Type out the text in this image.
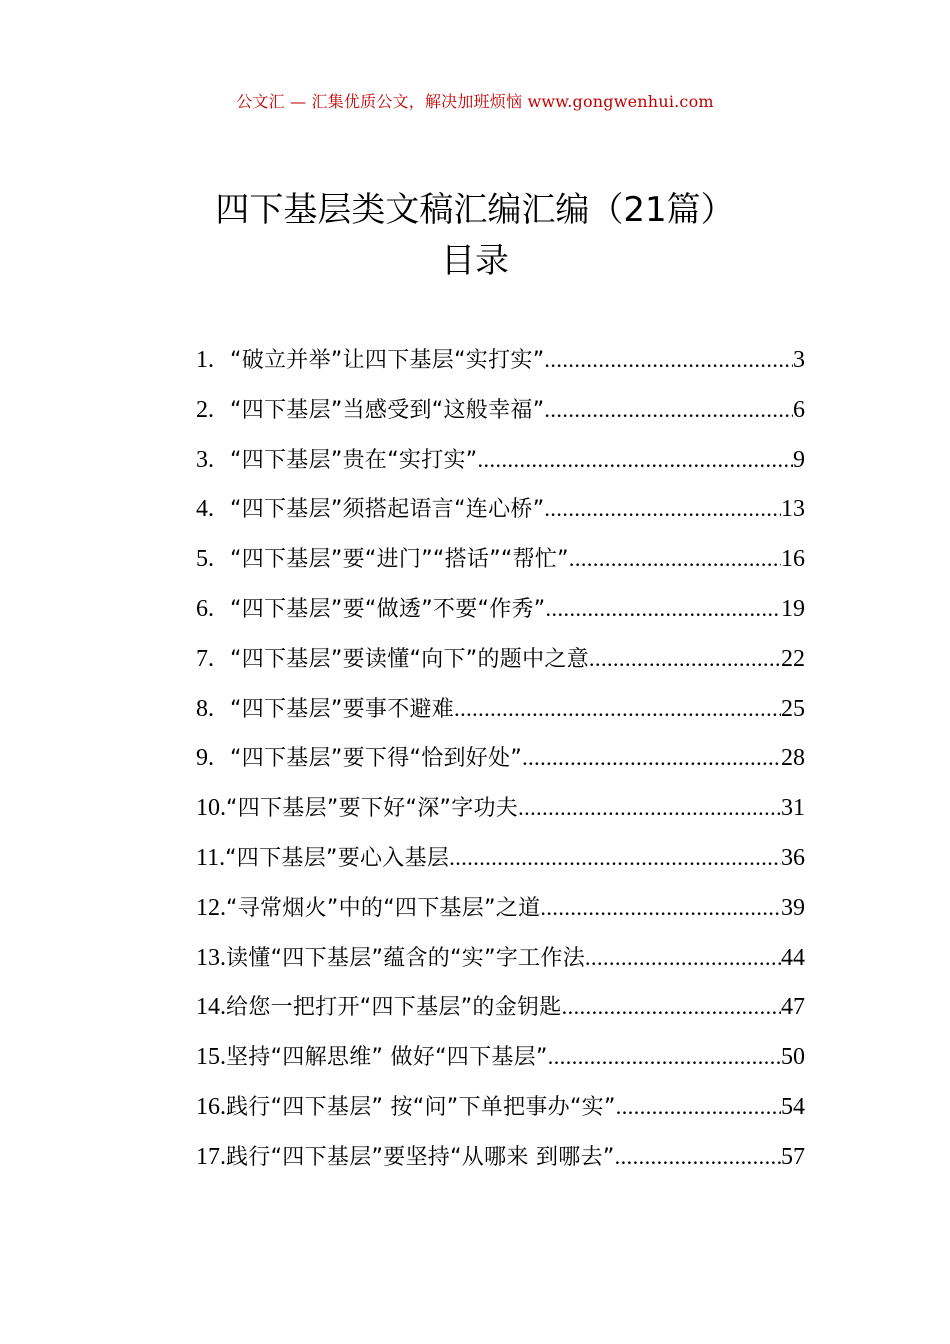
公文汇 — 汇集优质公文，解决加班烦恼 www.gongwenhui.com
四下基层类文稿汇编汇编（21篇）
目录
1. “破立并举”让四下基层“实打实” .....	3
2. “四下基层”当感受到“这般幸福” .....	6
3. “四下基层”贵在“实打实” .....	9
4. “四下基层”须搭起语言“连心桥” .....	13
5. “四下基层”要“进门”“搭话”“帮忙” .....	16
6. “四下基层”要“做透”不要“作秀” .....	19
7. “四下基层”要读懂“向下”的题中之意 .....	22
8. “四下基层”要事不避难 .....	25
9. “四下基层”要下得“恰到好处” .....	28
10. “四下基层”要下好“深”字功夫 .....	31
11. “四下基层”要心入基层 .....	36
12. “寻常烟火”中的“四下基层”之道 .....	39
13. 读懂“四下基层”蕴含的“实”字工作法 .....	44
14. 给您一把打开“四下基层”的金钥匙 .....	47
15. 坚持“四解思维” 做好“四下基层” .....	50
16. 践行“四下基层” 按“问”下单把事办“实” .....	54
17. 践行“四下基层”要坚持“从哪来 到哪去” .....	57
